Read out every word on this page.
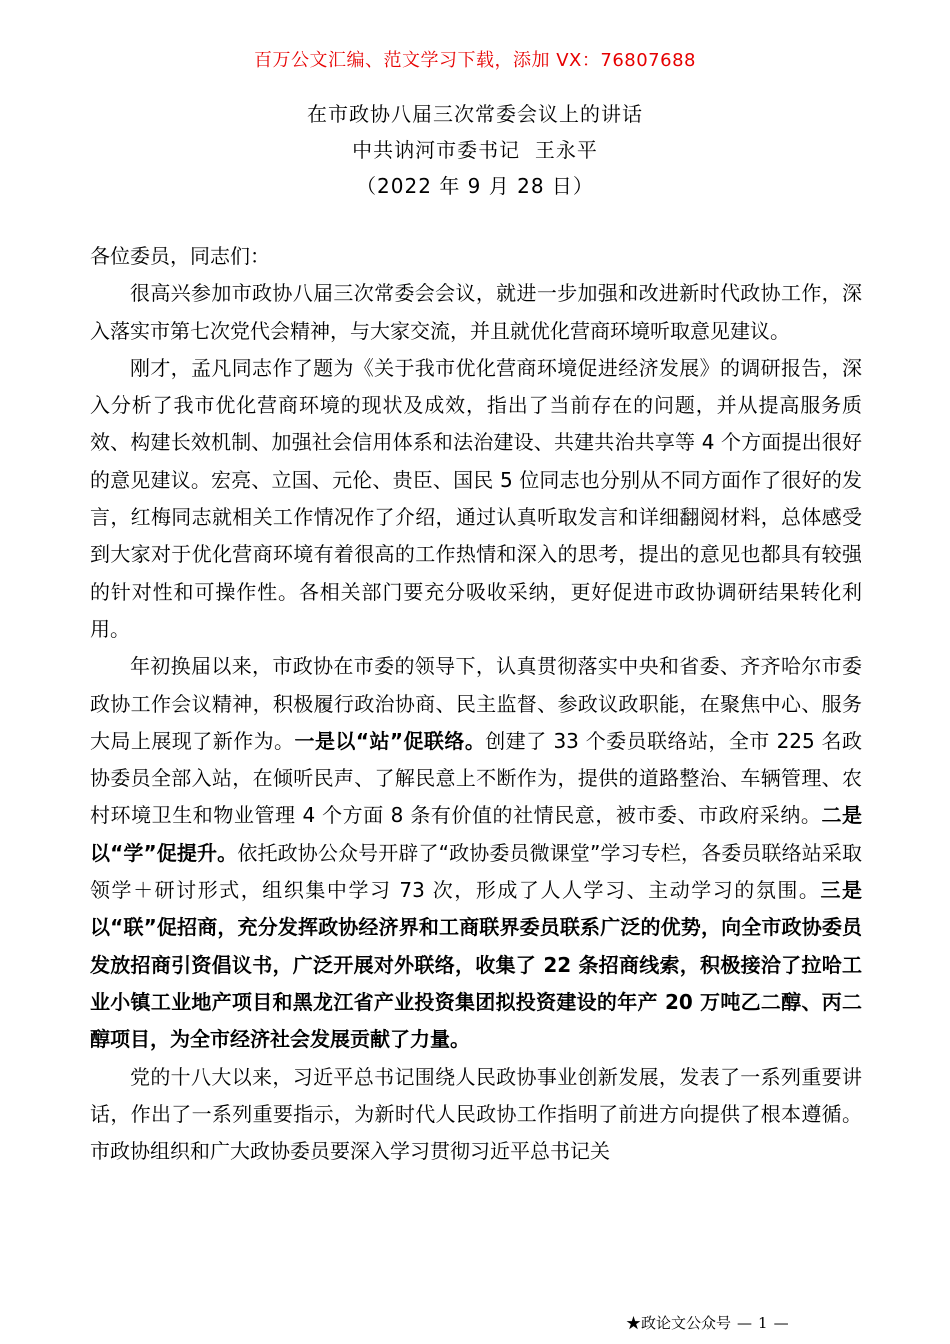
百万公文汇编、范文学习下载，添加 VX：76807688
在市政协八届三次常委会议上的讲话
中共讷河市委书记  王永平
（2022 年 9 月 28 日）

各位委员，同志们：

很高兴参加市政协八届三次常委会会议，就进一步加强和改进新时代政协工作，深入落实市第七次党代会精神，与大家交流，并且就优化营商环境听取意见建议。

刚才，孟凡同志作了题为《关于我市优化营商环境促进经济发展》的调研报告，深入分析了我市优化营商环境的现状及成效，指出了当前存在的问题，并从提高服务质效、构建长效机制、加强社会信用体系和法治建设、共建共治共享等 4 个方面提出很好的意见建议。宏亮、立国、元伦、贵臣、国民 5 位同志也分别从不同方面作了很好的发言，红梅同志就相关工作情况作了介绍，通过认真听取发言和详细翻阅材料，总体感受到大家对于优化营商环境有着很高的工作热情和深入的思考，提出的意见也都具有较强的针对性和可操作性。各相关部门要充分吸收采纳，更好促进市政协调研结果转化利用。

年初换届以来，市政协在市委的领导下，认真贯彻落实中央和省委、齐齐哈尔市委政协工作会议精神，积极履行政治协商、民主监督、参政议政职能，在聚焦中心、服务大局上展现了新作为。一是以“站”促联络。创建了 33 个委员联络站，全市 225 名政协委员全部入站，在倾听民声、了解民意上不断作为，提供的道路整治、车辆管理、农村环境卫生和物业管理 4 个方面 8 条有价值的社情民意，被市委、市政府采纳。二是以“学”促提升。依托政协公众号开辟了“政协委员微课堂”学习专栏，各委员联络站采取领学＋研讨形式，组织集中学习 73 次，形成了人人学习、主动学习的氛围。三是以“联”促招商，充分发挥政协经济界和工商联界委员联系广泛的优势，向全市政协委员发放招商引资倡议书，广泛开展对外联络，收集了 22 条招商线索，积极接洽了拉哈工业小镇工业地产项目和黑龙江省产业投资集团拟投资建设的年产 20 万吨乙二醇、丙二醇项目，为全市经济社会发展贡献了力量。

党的十八大以来，习近平总书记围绕人民政协事业创新发展，发表了一系列重要讲话，作出了一系列重要指示，为新时代人民政协工作指明了前进方向提供了根本遵循。市政协组织和广大政协委员要深入学习贯彻习近平总书记关

★政论文公众号 — 1 —
